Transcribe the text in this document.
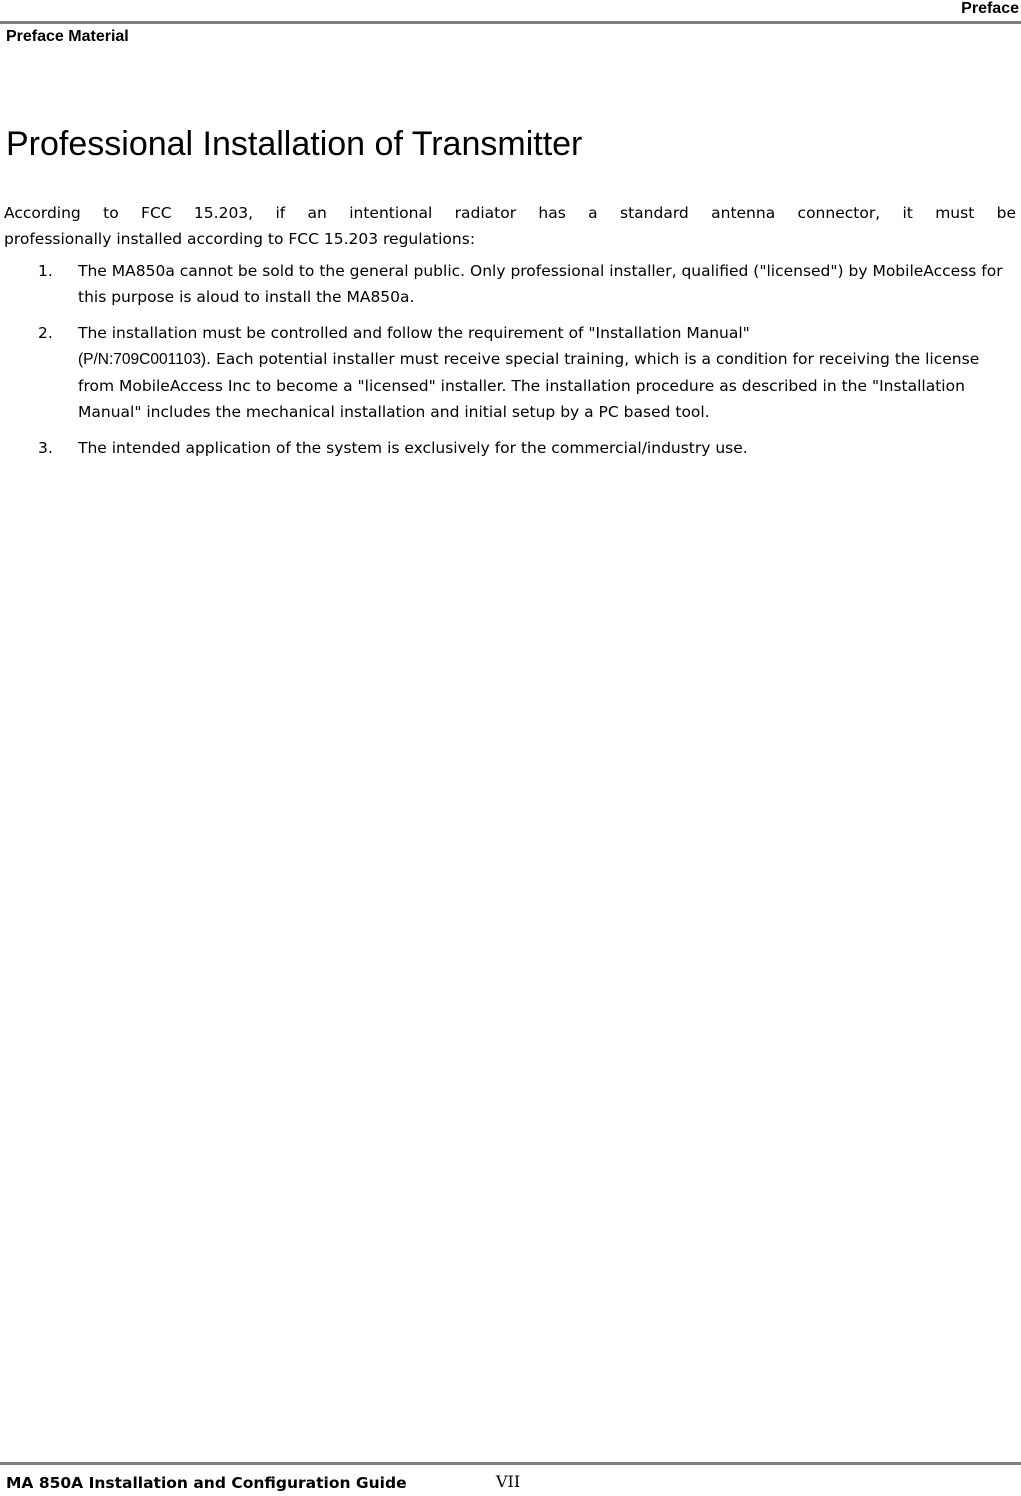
Preface
Preface Material
Professional Installation of Transmitter

According to FCC 15.203, if an intentional radiator has a standard antenna connector, it must be
professionally installed according to FCC 15.203 regulations:

1. The MA850a cannot be sold to the general public. Only professional installer, qualified ("licensed") by MobileAccess for this purpose is aloud to install the MA850a.
2. The installation must be controlled and follow the requirement of "Installation Manual"
(P/N:709C001103). Each potential installer must receive special training, which is a condition for receiving the license from MobileAccess Inc to become a "licensed" installer. The installation procedure as described in the "Installation Manual" includes the mechanical installation and initial setup by a PC based tool.
3. The intended application of the system is exclusively for the commercial/industry use.
MA 850A Installation and Configuration Guide	VII
